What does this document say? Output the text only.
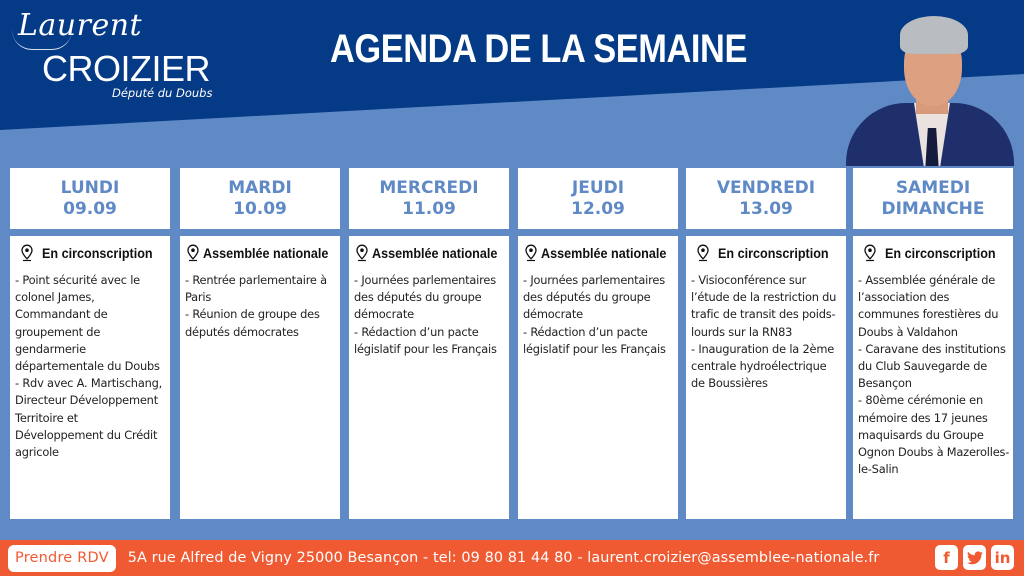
Laurent
CROIZIER
Député du Doubs
AGENDA DE LA SEMAINE
LUNDI
09.09
En circonscription
- Point sécurité avec le colonel James, Commandant de groupement de gendarmerie départementale du Doubs
- Rdv avec A. Martischang, Directeur Développement Territoire et Développement du Crédit agricole
MARDI
10.09
Assemblée nationale
- Rentrée parlementaire à Paris
- Réunion de groupe des députés démocrates
MERCREDI
11.09
Assemblée nationale
- Journées parlementaires des députés du groupe démocrate
- Rédaction d’un pacte législatif pour les Français
JEUDI
12.09
Assemblée nationale
- Journées parlementaires des députés du groupe démocrate
- Rédaction d’un pacte législatif pour les Français
VENDREDI
13.09
En circonscription
- Visioconférence sur l’étude de la restriction du trafic de transit des poids-lourds sur la RN83
- Inauguration de la 2ème centrale hydroélectrique de Boussières
SAMEDI
DIMANCHE
En circonscription
- Assemblée générale de l’association des communes forestières du Doubs à Valdahon
- Caravane des institutions du Club Sauvegarde de Besançon
- 80ème cérémonie en mémoire des 17 jeunes maquisards du Groupe Ognon Doubs à Mazerolles-le-Salin
Prendre RDV	5A rue Alfred de Vigny 25000 Besançon - tel: 09 80 81 44 80 - laurent.croizier@assemblee-nationale.fr	f	in
